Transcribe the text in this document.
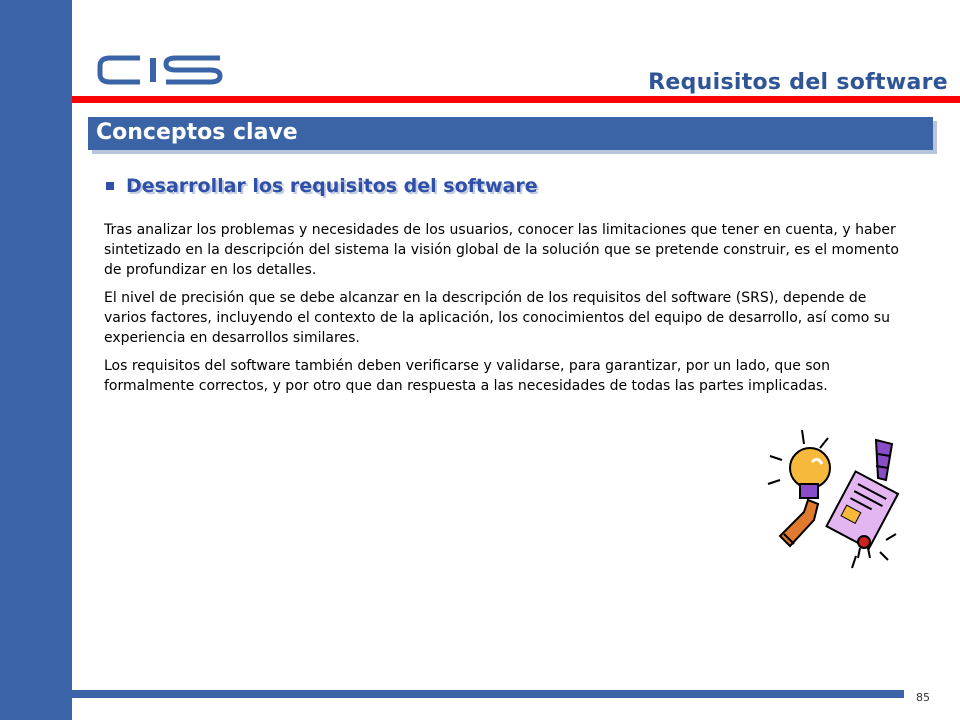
Requisitos del software
Conceptos clave
Desarrollar los requisitos del software

Tras analizar los problemas y necesidades de los usuarios, conocer las limitaciones que tener en cuenta, y haber sintetizado en la descripción del sistema la visión global de la solución que se pretende construir, es el momento de profundizar en los detalles.

El nivel de precisión que se debe alcanzar en la descripción de los requisitos del software (SRS), depende de varios factores, incluyendo el contexto de la aplicación, los conocimientos del equipo de desarrollo, así como su experiencia en desarrollos similares.

Los requisitos del software también deben verificarse y validarse, para garantizar, por un lado, que son formalmente correctos, y por otro que dan respuesta a las necesidades de todas las partes implicadas.

85
